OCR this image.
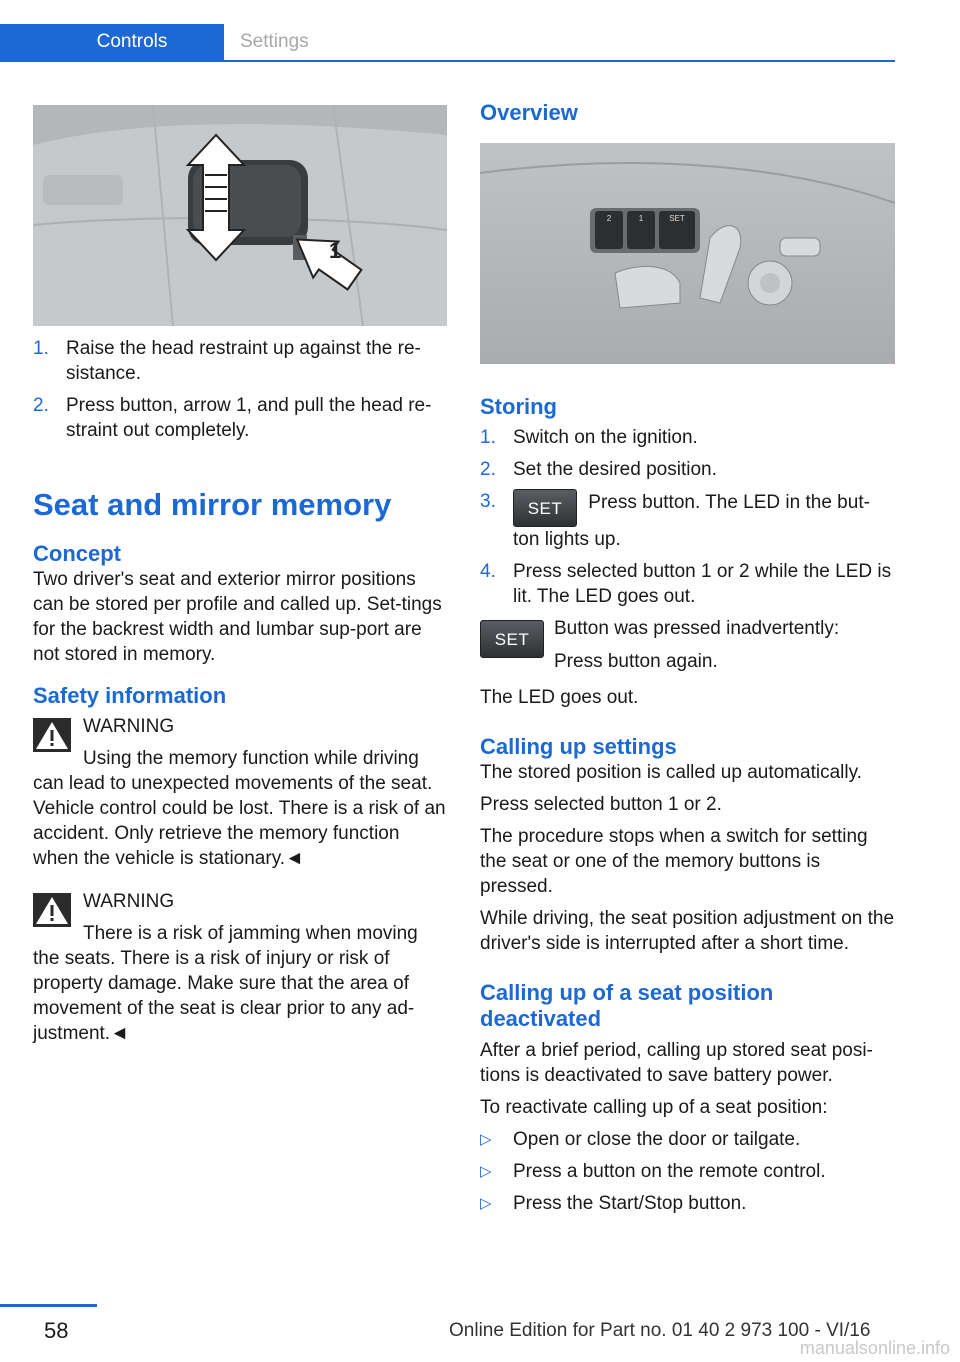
Controls	Settings
1
1. Raise the head restraint up against the re‐sistance.
2. Press button, arrow 1, and pull the head re‐straint out completely.
Seat and mirror memory
Concept

Two driver's seat and exterior mirror positions can be stored per profile and called up. Set‐tings for the backrest width and lumbar sup‐port are not stored in memory.

Safety information
WARNING
Using the memory function while driving
can lead to unexpected movements of the seat. Vehicle control could be lost. There is a risk of an accident. Only retrieve the memory function when the vehicle is stationary.◄
WARNING
There is a risk of jamming when moving
the seats. There is a risk of injury or risk of property damage. Make sure that the area of movement of the seat is clear prior to any ad‐justment.◄
Overview
2	1	SET
Storing
1. Switch on the ignition.
2. Set the desired position.
3. SET Press button. The LED in the but‐
ton lights up.
4. Press selected button 1 or 2 while the LED is lit. The LED goes out.
SET	Button was pressed inadvertently:
Press button again.

The LED goes out.

Calling up settings

The stored position is called up automatically.

Press selected button 1 or 2.

The procedure stops when a switch for setting the seat or one of the memory buttons is pressed.

While driving, the seat position adjustment on the driver's side is interrupted after a short time.

Calling up of a seat position deactivated

After a brief period, calling up stored seat posi‐tions is deactivated to save battery power.

To reactivate calling up of a seat position:

▷ Open or close the door or tailgate.
▷ Press a button on the remote control.
▷ Press the Start/Stop button.
58	Online Edition for Part no. 01 40 2 973 100 - VI/16
manualsonline.info
